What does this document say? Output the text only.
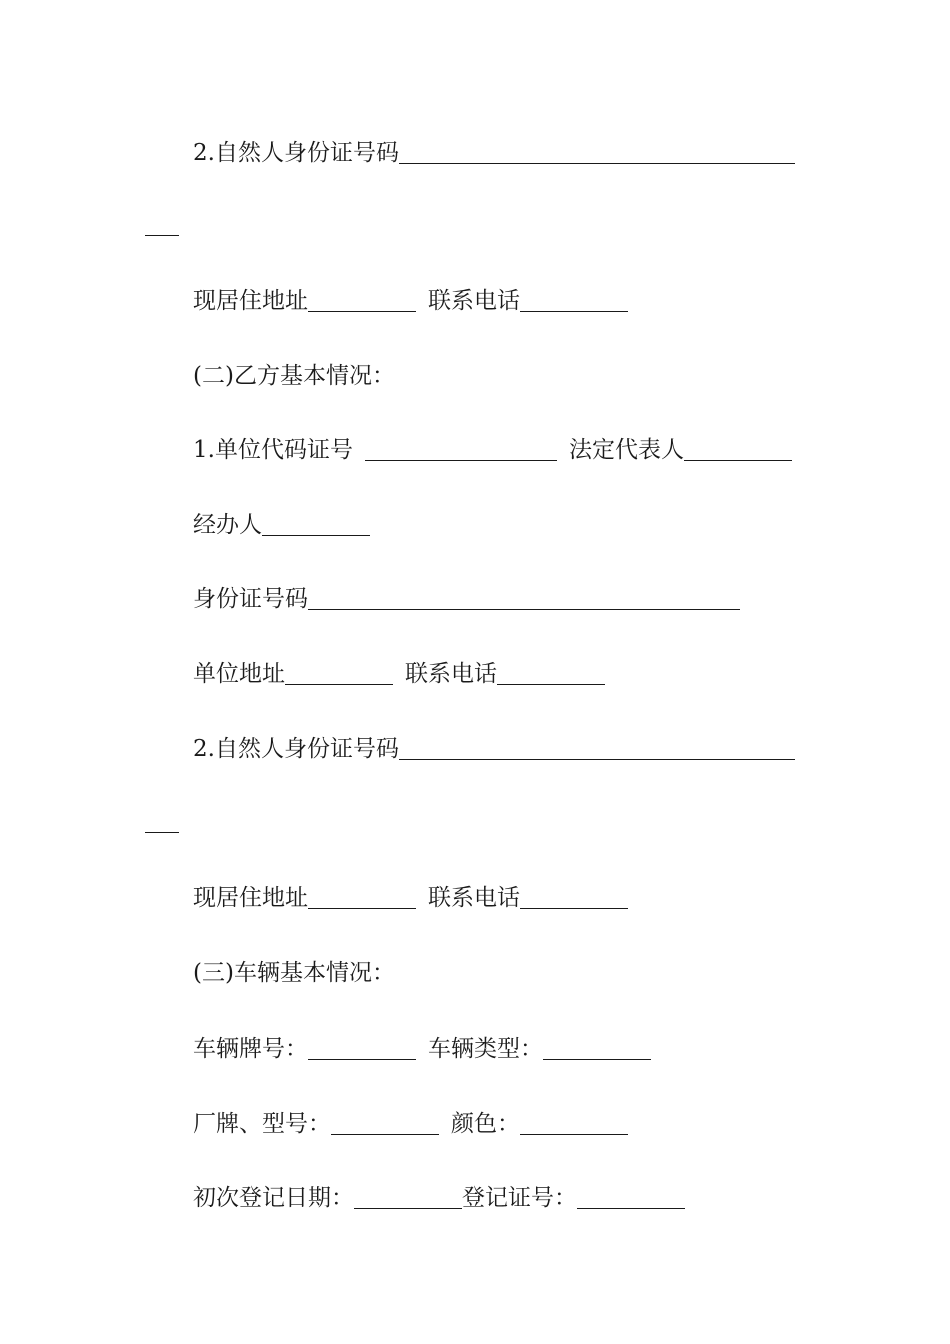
2.自然人身份证号码
现居住地址	联系电话
(二)乙方基本情况：
1.单位代码证号	法定代表人
经办人
身份证号码
单位地址	联系电话
2.自然人身份证号码
现居住地址	联系电话
(三)车辆基本情况：
车辆牌号：	车辆类型：
厂牌、型号：	颜色：
初次登记日期：	登记证号：
